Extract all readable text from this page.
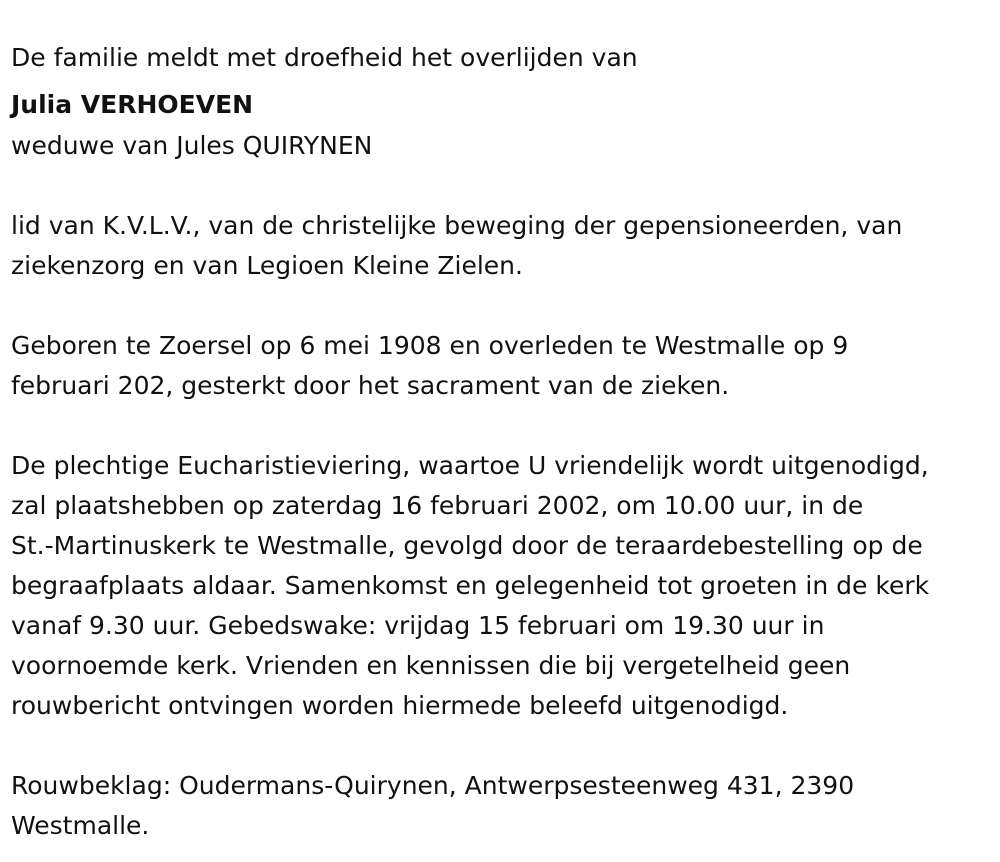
De familie meldt met droefheid het overlijden van
Julia VERHOEVEN
weduwe van Jules QUIRYNEN
lid van K.V.L.V., van de christelijke beweging der gepensioneerden, van
ziekenzorg en van Legioen Kleine Zielen.
Geboren te Zoersel op 6 mei 1908 en overleden te Westmalle op 9
februari 202, gesterkt door het sacrament van de zieken.
De plechtige Eucharistieviering, waartoe U vriendelijk wordt uitgenodigd,
zal plaatshebben op zaterdag 16 februari 2002, om 10.00 uur, in de
St.-Martinuskerk te Westmalle, gevolgd door de teraardebestelling op de
begraafplaats aldaar. Samenkomst en gelegenheid tot groeten in de kerk
vanaf 9.30 uur. Gebedswake: vrijdag 15 februari om 19.30 uur in
voornoemde kerk. Vrienden en kennissen die bij vergetelheid geen
rouwbericht ontvingen worden hiermede beleefd uitgenodigd.
Rouwbeklag: Oudermans-Quirynen, Antwerpsesteenweg 431, 2390
Westmalle.
